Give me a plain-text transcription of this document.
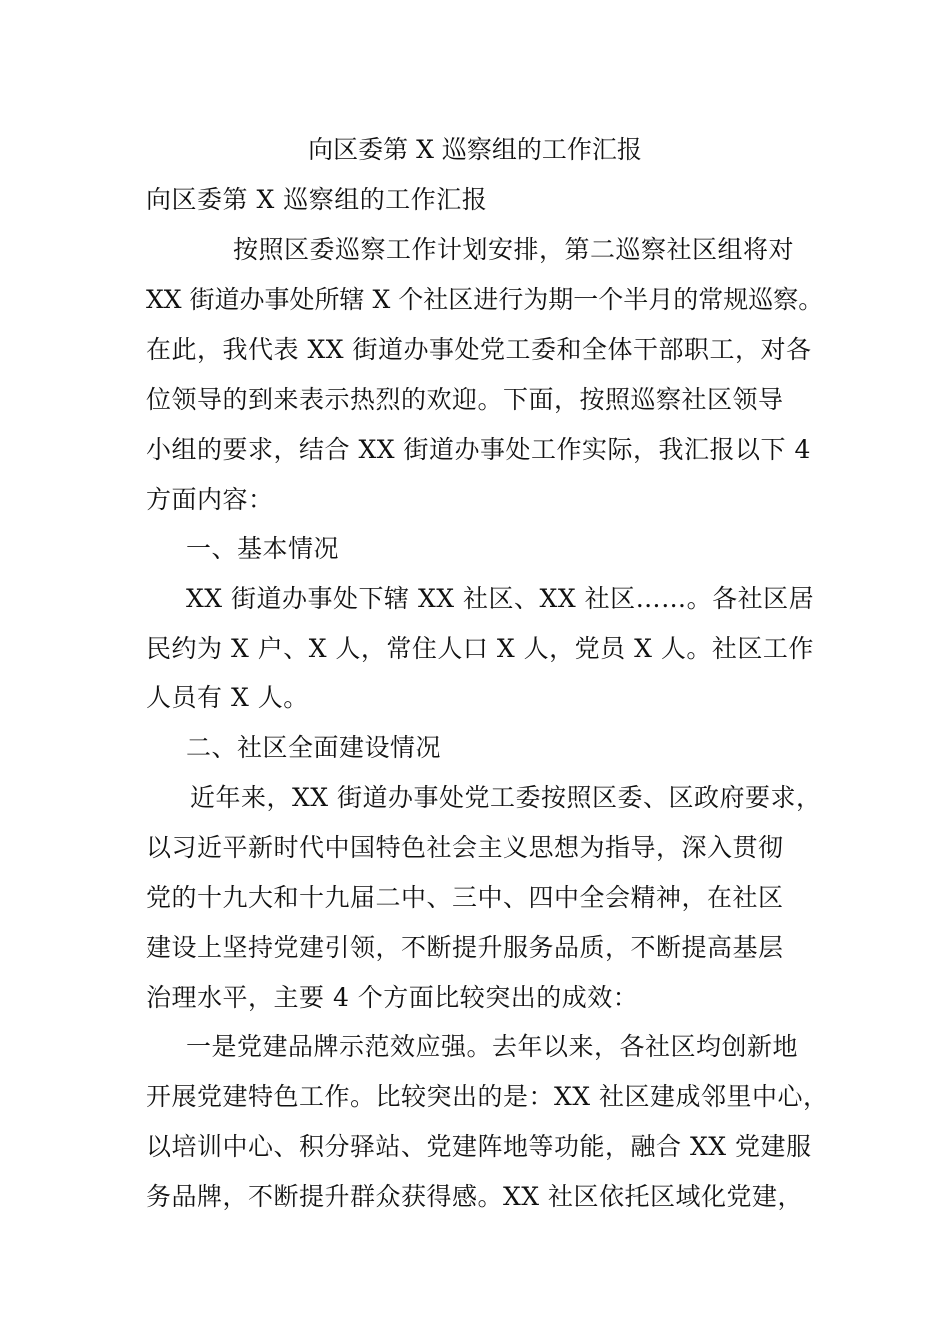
向区委第 X 巡察组的工作汇报
向区委第 X 巡察组的工作汇报
按照区委巡察工作计划安排，第二巡察社区组将对
XX 街道办事处所辖 X 个社区进行为期一个半月的常规巡察。
在此，我代表 XX 街道办事处党工委和全体干部职工，对各
位领导的到来表示热烈的欢迎。下面，按照巡察社区领导
小组的要求，结合 XX 街道办事处工作实际，我汇报以下 4
方面内容：
一、基本情况
XX 街道办事处下辖 XX 社区、XX 社区……。各社区居
民约为 X 户、X 人，常住人口 X 人，党员 X 人。社区工作
人员有 X 人。
二、社区全面建设情况
近年来，XX 街道办事处党工委按照区委、区政府要求，
以习近平新时代中国特色社会主义思想为指导，深入贯彻
党的十九大和十九届二中、三中、四中全会精神，在社区
建设上坚持党建引领，不断提升服务品质，不断提高基层
治理水平，主要 4 个方面比较突出的成效：
一是党建品牌示范效应强。去年以来，各社区均创新地
开展党建特色工作。比较突出的是：XX 社区建成邻里中心，
以培训中心、积分驿站、党建阵地等功能，融合 XX 党建服
务品牌，不断提升群众获得感。XX 社区依托区域化党建，
